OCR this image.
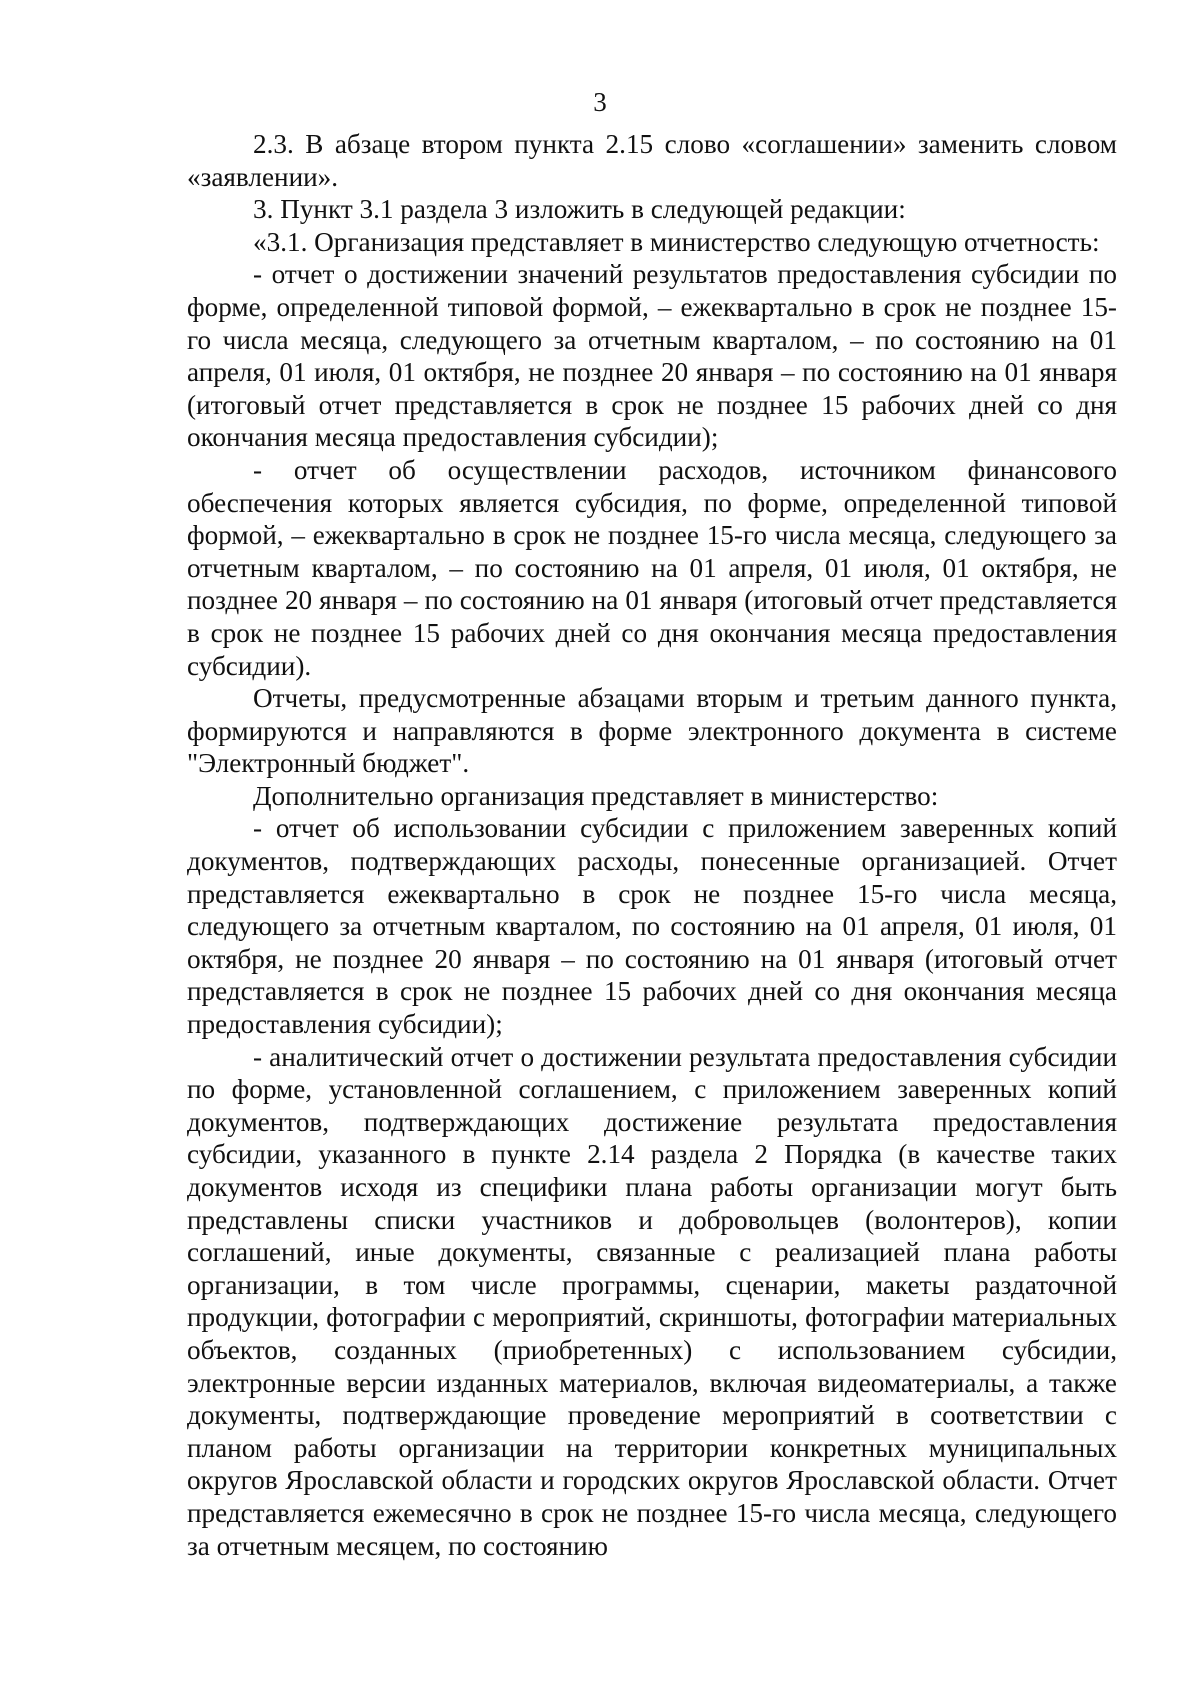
3

2.3. В абзаце втором пункта 2.15 слово «соглашении» заменить словом «заявлении».

3. Пункт 3.1 раздела 3 изложить в следующей редакции:

«3.1. Организация представляет в министерство следующую отчетность:

- отчет о достижении значений результатов предоставления субсидии по форме, определенной типовой формой, – ежеквартально в срок не позднее 15-го числа месяца, следующего за отчетным кварталом, – по состоянию на 01 апреля, 01 июля, 01 октября, не позднее 20 января – по состоянию на 01 января (итоговый отчет представляется в срок не позднее 15 рабочих дней со дня окончания месяца предоставления субсидии);

- отчет об осуществлении расходов, источником финансового обеспечения которых является субсидия, по форме, определенной типовой формой, – ежеквартально в срок не позднее 15-го числа месяца, следующего за отчетным кварталом, – по состоянию на 01 апреля, 01 июля, 01 октября, не позднее 20 января – по состоянию на 01 января (итоговый отчет представляется в срок не позднее 15 рабочих дней со дня окончания месяца предоставления субсидии).

Отчеты, предусмотренные абзацами вторым и третьим данного пункта, формируются и направляются в форме электронного документа в системе "Электронный бюджет".

Дополнительно организация представляет в министерство:

- отчет об использовании субсидии с приложением заверенных копий документов, подтверждающих расходы, понесенные организацией. Отчет представляется ежеквартально в срок не позднее 15-го числа месяца, следующего за отчетным кварталом, по состоянию на 01 апреля, 01 июля, 01 октября, не позднее 20 января – по состоянию на 01 января (итоговый отчет представляется в срок не позднее 15 рабочих дней со дня окончания месяца предоставления субсидии);

- аналитический отчет о достижении результата предоставления субсидии по форме, установленной соглашением, с приложением заверенных копий документов, подтверждающих достижение результата предоставления субсидии, указанного в пункте 2.14 раздела 2 Порядка (в качестве таких документов исходя из специфики плана работы организации могут быть представлены списки участников и добровольцев (волонтеров), копии соглашений, иные документы, связанные с реализацией плана работы организации, в том числе программы, сценарии, макеты раздаточной продукции, фотографии с мероприятий, скриншоты, фотографии материальных объектов, созданных (приобретенных) с использованием субсидии, электронные версии изданных материалов, включая видеоматериалы, а также документы, подтверждающие проведение мероприятий в соответствии с планом работы организации на территории конкретных муниципальных округов Ярославской области и городских округов Ярославской области. Отчет представляется ежемесячно в срок не позднее 15-го числа месяца, следующего за отчетным месяцем, по состоянию
